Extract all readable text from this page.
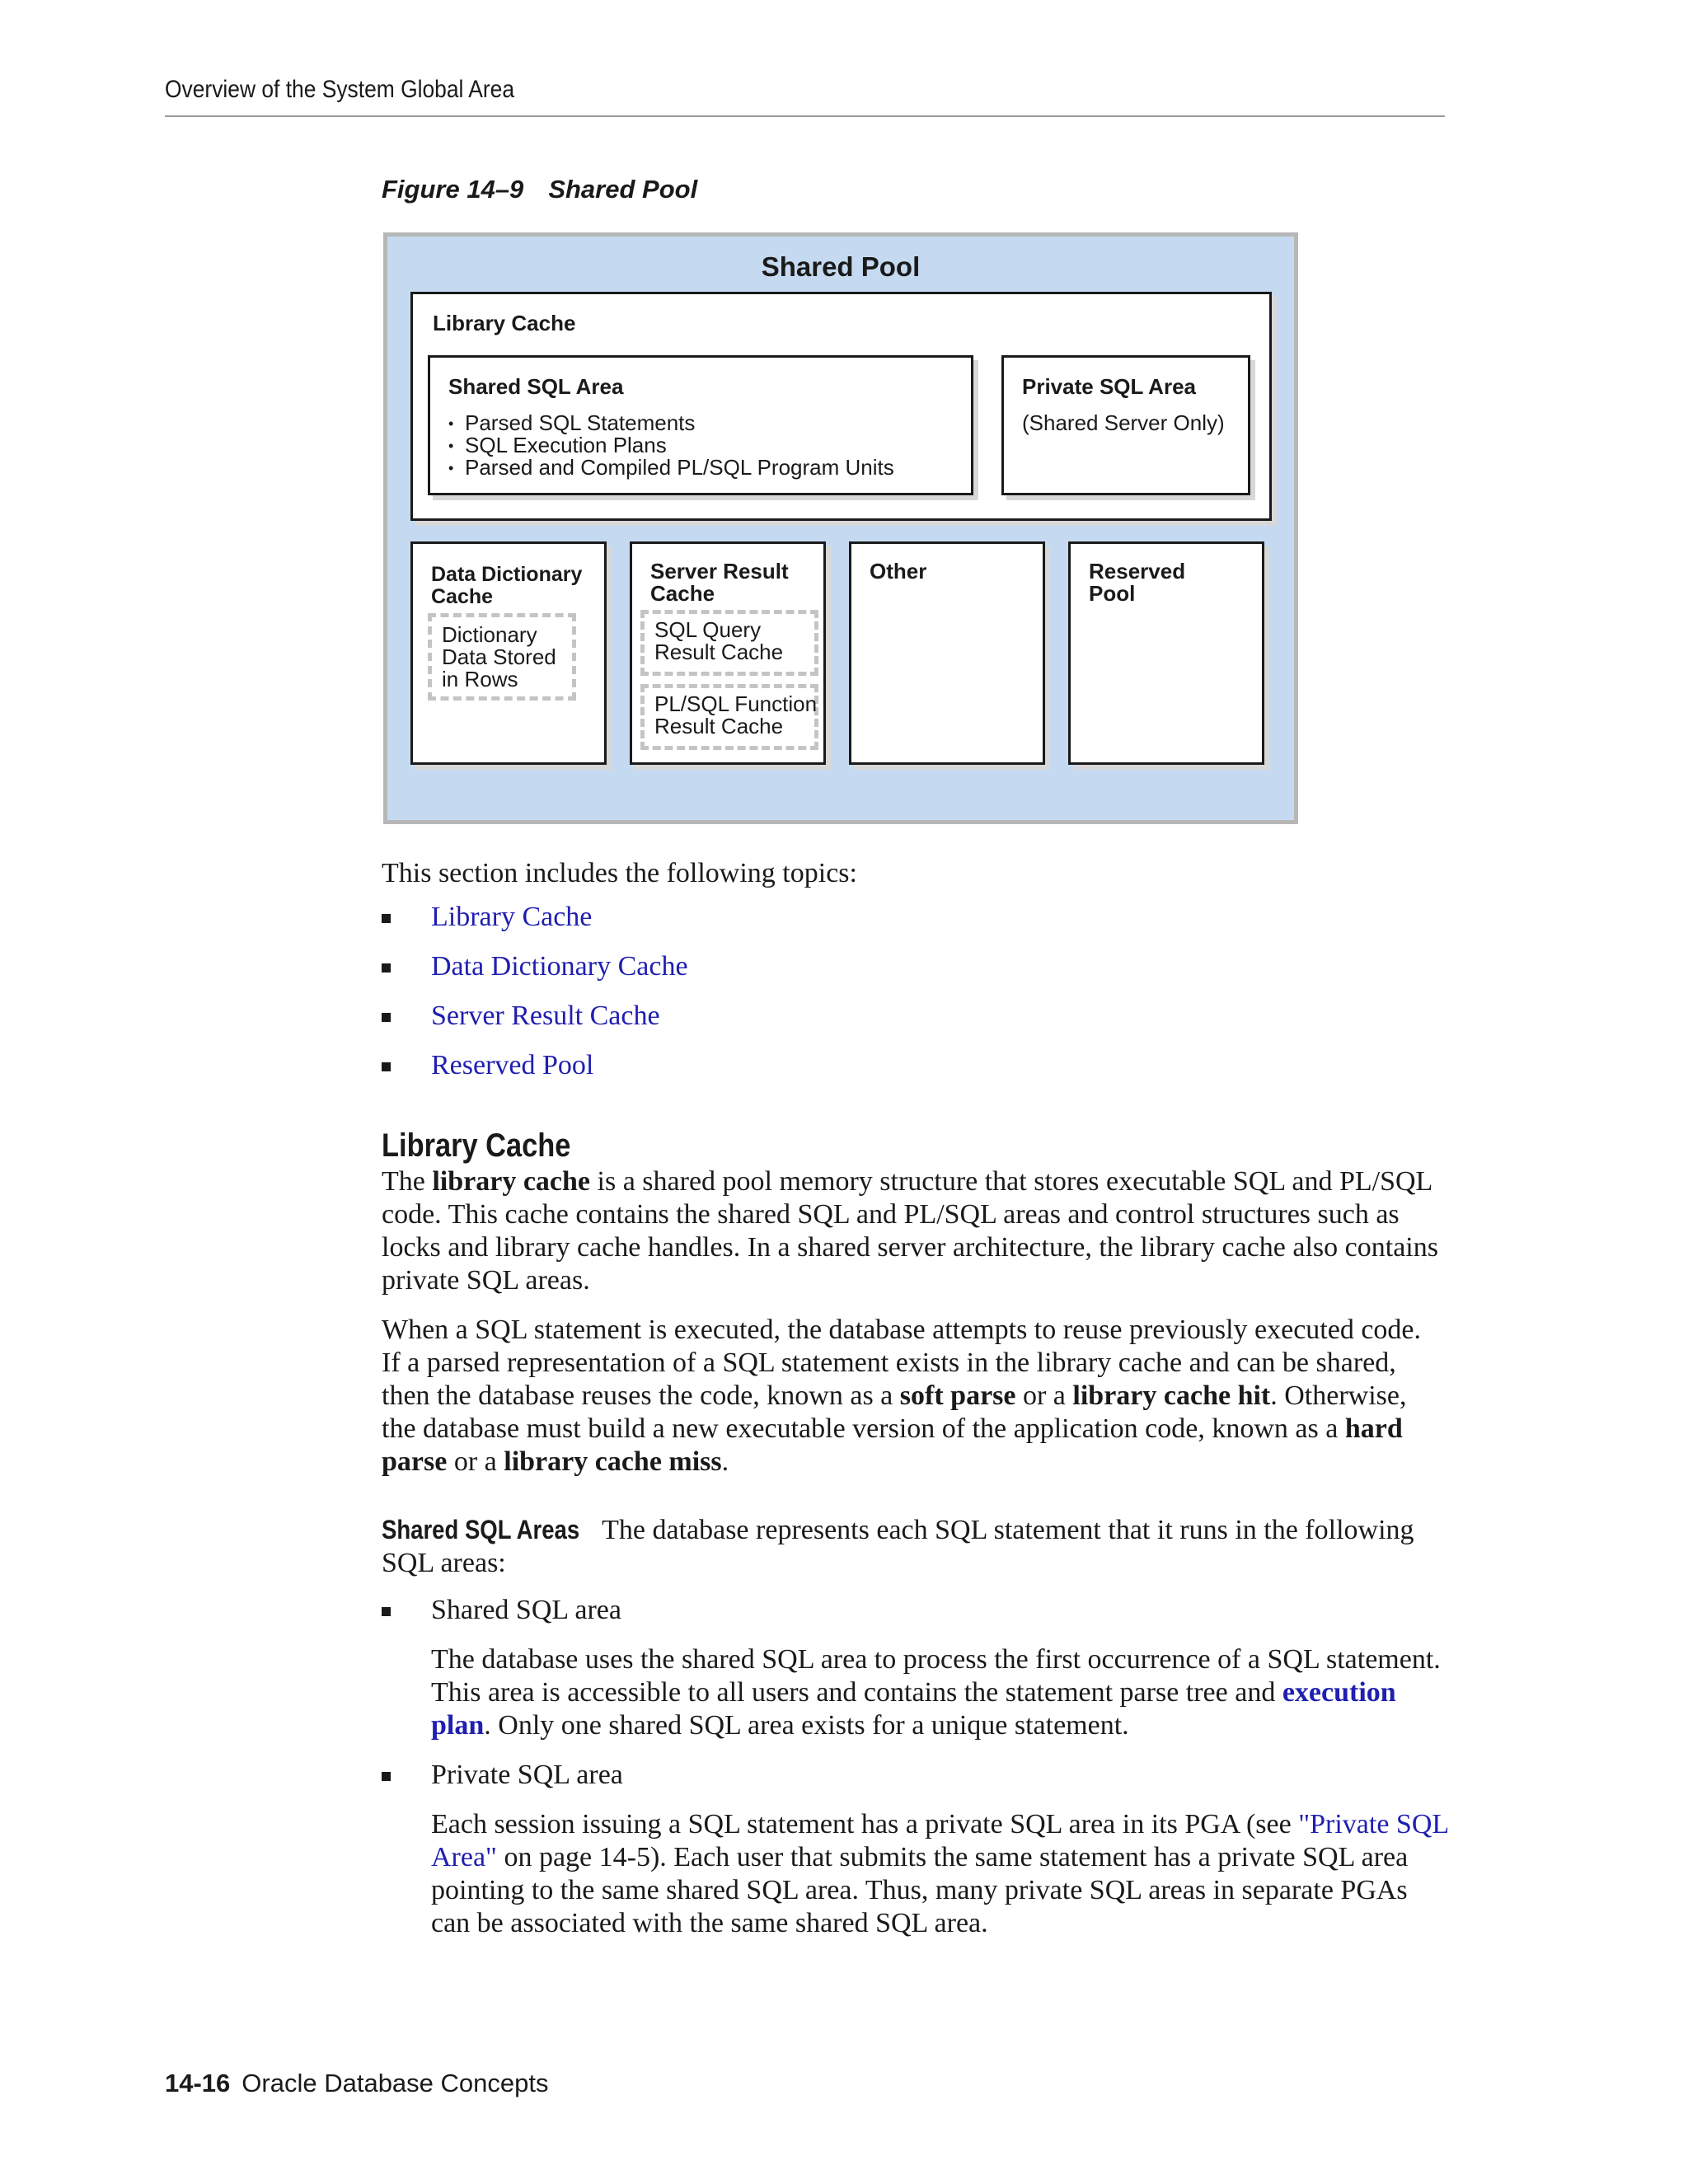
Overview of the System Global Area
Figure 14–9 Shared Pool
Shared Pool
Library Cache
Shared SQL Area
• Parsed SQL Statements
• SQL Execution Plans
• Parsed and Compiled PL/SQL Program Units
Private SQL Area
(Shared Server Only)
Data Dictionary
Cache
Dictionary
Data Stored
in Rows
Server Result
Cache
SQL Query
Result Cache
PL/SQL Function
Result Cache
Other	Reserved
Pool

This section includes the following topics:

Library Cache
Data Dictionary Cache
Server Result Cache
Reserved Pool
Library Cache

The library cache is a shared pool memory structure that stores executable SQL and PL/SQL code. This cache contains the shared SQL and PL/SQL areas and control structures such as locks and library cache handles. In a shared server architecture, the library cache also contains private SQL areas.

When a SQL statement is executed, the database attempts to reuse previously executed code. If a parsed representation of a SQL statement exists in the library cache and can be shared, then the database reuses the code, known as a soft parse or a library cache hit. Otherwise, the database must build a new executable version of the application code, known as a hard parse or a library cache miss.

Shared SQL Areas The database represents each SQL statement that it runs in the following SQL areas:

Shared SQL area

The database uses the shared SQL area to process the first occurrence of a SQL statement. This area is accessible to all users and contains the statement parse tree and execution plan. Only one shared SQL area exists for a unique statement.

Private SQL area

Each session issuing a SQL statement has a private SQL area in its PGA (see "Private SQL Area" on page 14-5). Each user that submits the same statement has a private SQL area pointing to the same shared SQL area. Thus, many private SQL areas in separate PGAs can be associated with the same shared SQL area.

14-16 Oracle Database Concepts
